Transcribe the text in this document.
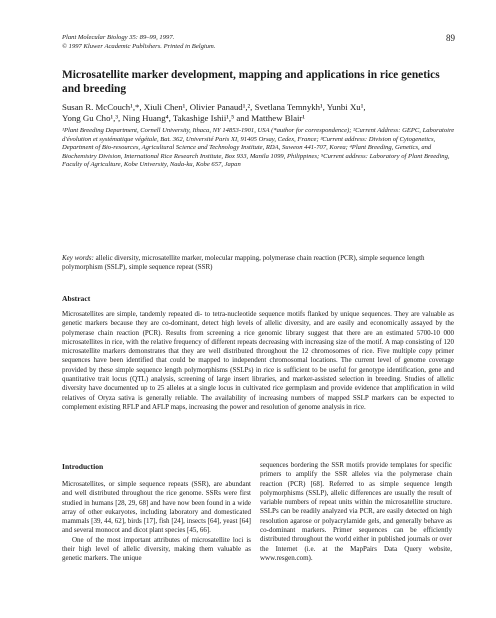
Plant Molecular Biology 35: 89–99, 1997.
© 1997 Kluwer Academic Publishers. Printed in Belgium.
89
Microsatellite marker development, mapping and applications in rice genetics and breeding
Susan R. McCouch¹,*, Xiuli Chen¹, Olivier Panaud¹,², Svetlana Temnykh¹, Yunbi Xu¹,
Yong Gu Cho¹,³, Ning Huang⁴, Takashige Ishii¹,⁵ and Matthew Blair¹
¹Plant Breeding Department, Cornell University, Ithaca, NY 14853-1901, USA (*author for correspondence); ²Current Address: GEPC, Laboratoire d'évolution et systématique végétale, Bat. 362, Université Paris XI, 91405 Orsay, Cedex, France; ³Current address: Division of Cytogenetics, Department of Bio-resources, Agricultural Science and Technology Institute, RDA, Suweon 441-707, Korea; ⁴Plant Breeding, Genetics, and Biochemistry Division, International Rice Research Institute, Box 933, Manila 1099, Philippines; ⁵Current address: Laboratory of Plant Breeding, Faculty of Agriculture, Kobe University, Nada-ku, Kobe 657, Japan
Key words: allelic diversity, microsatellite marker, molecular mapping, polymerase chain reaction (PCR), simple sequence length polymorphism (SSLP), simple sequence repeat (SSR)
Abstract
Microsatellites are simple, tandemly repeated di- to tetra-nucleotide sequence motifs flanked by unique sequences. They are valuable as genetic markers because they are co-dominant, detect high levels of allelic diversity, and are easily and economically assayed by the polymerase chain reaction (PCR). Results from screening a rice genomic library suggest that there are an estimated 5700-10 000 microsatellites in rice, with the relative frequency of different repeats decreasing with increasing size of the motif. A map consisting of 120 microsatellite markers demonstrates that they are well distributed throughout the 12 chromosomes of rice. Five multiple copy primer sequences have been identified that could be mapped to independent chromosomal locations. The current level of genome coverage provided by these simple sequence length polymorphisms (SSLPs) in rice is sufficient to be useful for genotype identification, gene and quantitative trait locus (QTL) analysis, screening of large insert libraries, and marker-assisted selection in breeding. Studies of allelic diversity have documented up to 25 alleles at a single locus in cultivated rice germplasm and provide evidence that amplification in wild relatives of Oryza sativa is generally reliable. The availability of increasing numbers of mapped SSLP markers can be expected to complement existing RFLP and AFLP maps, increasing the power and resolution of genome analysis in rice.
Introduction

Microsatellites, or simple sequence repeats (SSR), are abundant and well distributed throughout the rice genome. SSRs were first studied in humans [28, 29, 68] and have now been found in a wide array of other eukaryotes, including laboratory and domesticated mammals [39, 44, 62], birds [17], fish [24], insects [64], yeast [64] and several monocot and dicot plant species [45, 66].

One of the most important attributes of microsatellite loci is their high level of allelic diversity, making them valuable as genetic markers. The unique

sequences bordering the SSR motifs provide templates for specific primers to amplify the SSR alleles via the polymerase chain reaction (PCR) [68]. Referred to as simple sequence length polymorphisms (SSLP), allelic differences are usually the result of variable numbers of repeat units within the microsatellite structure. SSLPs can be readily analyzed via PCR, are easily detected on high resolution agarose or polyacrylamide gels, and generally behave as co-dominant markers. Primer sequences can be efficiently distributed throughout the world either in published journals or over the Internet (i.e. at the MapPairs Data Query website, www.resgen.com).
